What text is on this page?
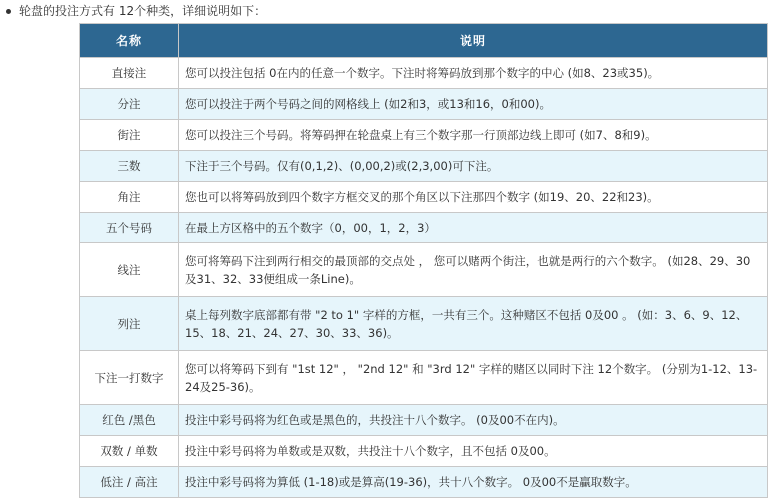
轮盘的投注方式有 12个种类，详细说明如下：
名称	说明
直接注	您可以投注包括 0在内的任意一个数字。下注时将筹码放到那个数字的中心 (如8、23或35)。
分注	您可以投注于两个号码之间的网格线上 (如2和3，或13和16，0和00)。
街注	您可以投注三个号码。将筹码押在轮盘桌上有三个数字那一行顶部边线上即可 (如7、8和9)。
三数	下注于三个号码。仅有(0,1,2)、(0,00,2)或(2,3,00)可下注。
角注	您也可以将筹码放到四个数字方框交叉的那个角区以下注那四个数字 (如19、20、22和23)。
五个号码	在最上方区格中的五个数字（0，00，1，2，3）
线注	您可将筹码下注到两行相交的最顶部的交点处 ， 您可以赌两个街注，也就是两行的六个数字。 (如28、29、30及31、32、33便组成一条Line)。
列注	桌上每列数字底部都有带 "2 to 1" 字样的方框，一共有三个。这种赌区不包括 0及00 。 (如：3、6、9、12、15、18、21、24、27、30、33、36)。
下注一打数字	您可以将筹码下到有 "1st 12" ， "2nd 12" 和 "3rd 12" 字样的赌区以同时下注 12个数字。 (分别为1-12、13-24及25-36)。
红色 /黑色	投注中彩号码将为红色或是黑色的，共投注十八个数字。 (0及00不在内)。
双数 / 单数	投注中彩号码将为单数或是双数，共投注十八个数字，且不包括 0及00。
低注 / 高注	投注中彩号码将为算低 (1-18)或是算高(19-36)，共十八个数字。 0及00不是贏取数字。
